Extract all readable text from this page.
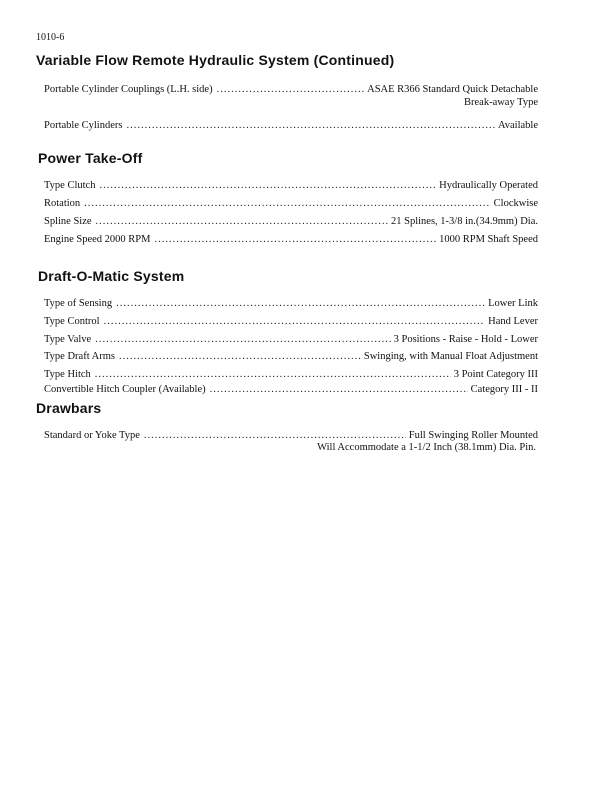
1010-6
Variable Flow Remote Hydraulic System (Continued)
Portable Cylinder Couplings (L.H. side) .....	ASAE R366 Standard Quick Detachable
Break-away Type
Portable Cylinders .....	Available
Power Take-Off
Type Clutch .....	Hydraulically Operated
Rotation .....	Clockwise
Spline Size .....	21 Splines, 1-3/8 in.(34.9mm) Dia.
Engine Speed 2000 RPM .....	1000 RPM Shaft Speed
Draft-O-Matic System
Type of Sensing .....	Lower Link
Type Control .....	Hand Lever
Type Valve .....	3 Positions - Raise - Hold - Lower
Type Draft Arms .....	Swinging, with Manual Float Adjustment
Type Hitch .....	3 Point Category III
Convertible Hitch Coupler (Available) .....	Category III - II
Drawbars
Standard or Yoke Type .....	Full Swinging Roller Mounted
Will Accommodate a 1-1/2 Inch (38.1mm) Dia. Pin.
